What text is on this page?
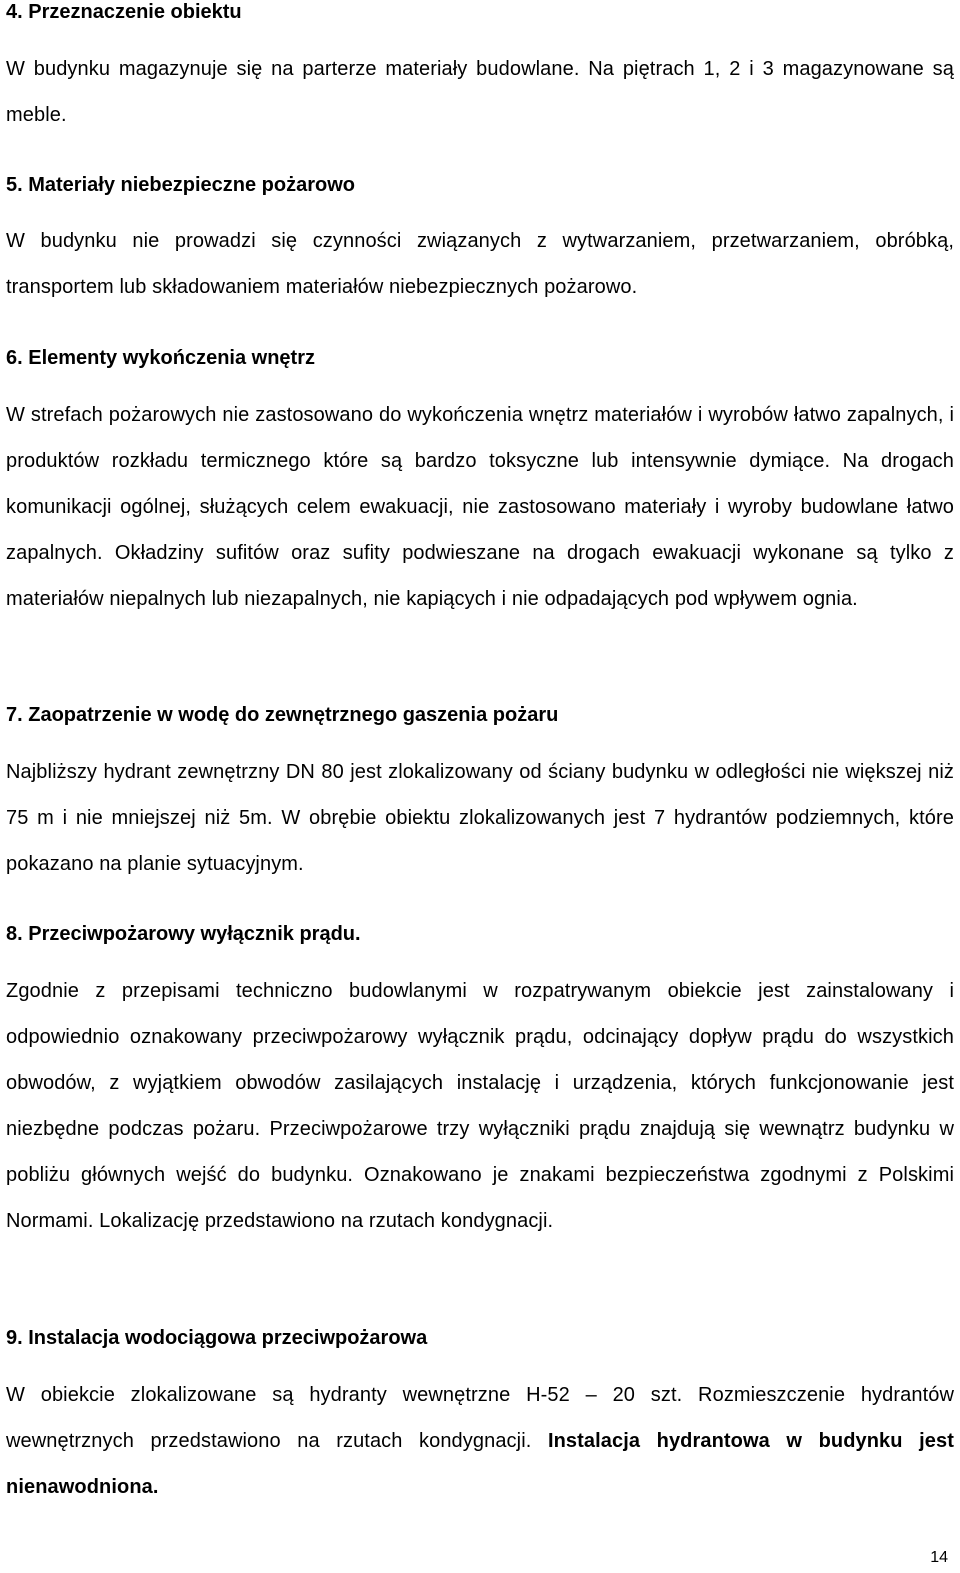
4. Przeznaczenie obiektu

W budynku magazynuje się na parterze materiały budowlane. Na piętrach 1, 2 i 3 magazynowane są meble.

5. Materiały niebezpieczne pożarowo

W budynku nie prowadzi się czynności związanych z wytwarzaniem, przetwarzaniem, obróbką, transportem lub składowaniem materiałów niebezpiecznych pożarowo.

6. Elementy wykończenia wnętrz

W strefach pożarowych nie zastosowano do wykończenia wnętrz materiałów i wyrobów łatwo zapalnych, i produktów rozkładu termicznego które są bardzo toksyczne lub intensywnie dymiące. Na drogach komunikacji ogólnej, służących celem ewakuacji, nie zastosowano materiały i wyroby budowlane łatwo zapalnych. Okładziny sufitów oraz sufity podwieszane na drogach ewakuacji wykonane są tylko z materiałów niepalnych lub niezapalnych, nie kapiących i nie odpadających pod wpływem ognia.

7. Zaopatrzenie w wodę do zewnętrznego gaszenia pożaru

Najbliższy hydrant zewnętrzny DN 80 jest zlokalizowany od ściany budynku w odległości nie większej niż 75 m i nie mniejszej niż 5m. W obrębie obiektu zlokalizowanych jest 7 hydrantów podziemnych, które pokazano na planie sytuacyjnym.

8. Przeciwpożarowy wyłącznik prądu.

Zgodnie z przepisami techniczno budowlanymi w rozpatrywanym obiekcie jest zainstalowany i odpowiednio oznakowany przeciwpożarowy wyłącznik prądu, odcinający dopływ prądu do wszystkich obwodów, z wyjątkiem obwodów zasilających instalację i urządzenia, których funkcjonowanie jest niezbędne podczas pożaru. Przeciwpożarowe trzy wyłączniki prądu znajdują się wewnątrz budynku w pobliżu głównych wejść do budynku. Oznakowano je znakami bezpieczeństwa zgodnymi z Polskimi Normami. Lokalizację przedstawiono na rzutach kondygnacji.

9. Instalacja wodociągowa przeciwpożarowa

W obiekcie zlokalizowane są hydranty wewnętrzne H-52 – 20 szt. Rozmieszczenie hydrantów wewnętrznych przedstawiono na rzutach kondygnacji. Instalacja hydrantowa w budynku jest nienawodniona.

14
